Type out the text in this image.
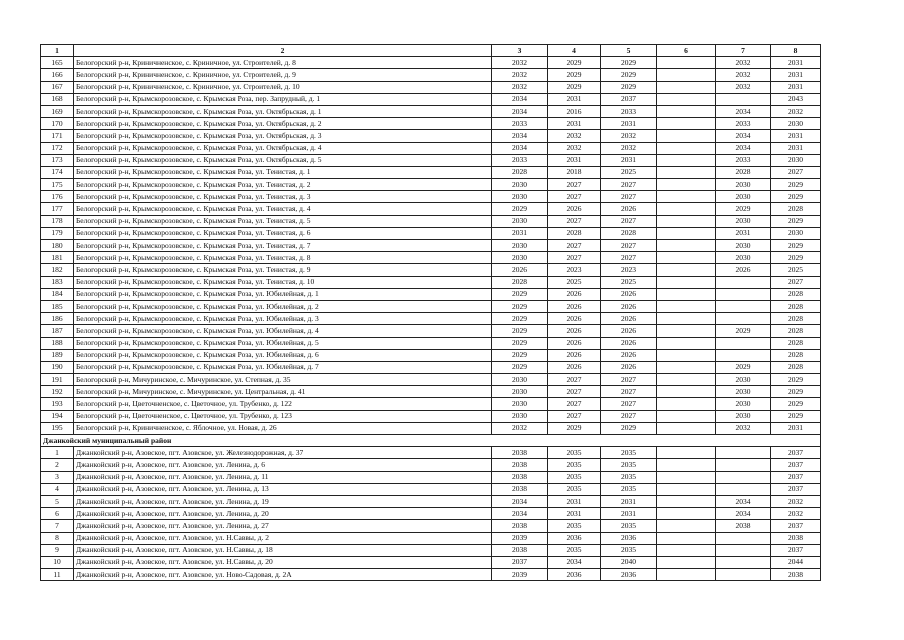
1	2	3	4	5	6	7	8
165	Белогорский р-н, Криничненское, с. Криничное, ул. Строителей, д. 8	2032	2029	2029		2032	2031
166	Белогорский р-н, Криничненское, с. Криничное, ул. Строителей, д. 9	2032	2029	2029		2032	2031
167	Белогорский р-н, Криничненское, с. Криничное, ул. Строителей, д. 10	2032	2029	2029		2032	2031
168	Белогорский р-н, Крымскорозовское, с. Крымская Роза, пер. Запрудный, д. 1	2034	2031	2037			2043
169	Белогорский р-н, Крымскорозовское, с. Крымская Роза, ул. Октябрьская, д. 1	2034	2016	2033		2034	2032
170	Белогорский р-н, Крымскорозовское, с. Крымская Роза, ул. Октябрьская, д. 2	2033	2031	2031		2033	2030
171	Белогорский р-н, Крымскорозовское, с. Крымская Роза, ул. Октябрьская, д. 3	2034	2032	2032		2034	2031
172	Белогорский р-н, Крымскорозовское, с. Крымская Роза, ул. Октябрьская, д. 4	2034	2032	2032		2034	2031
173	Белогорский р-н, Крымскорозовское, с. Крымская Роза, ул. Октябрьская, д. 5	2033	2031	2031		2033	2030
174	Белогорский р-н, Крымскорозовское, с. Крымская Роза, ул. Тенистая, д. 1	2028	2018	2025		2028	2027
175	Белогорский р-н, Крымскорозовское, с. Крымская Роза, ул. Тенистая, д. 2	2030	2027	2027		2030	2029
176	Белогорский р-н, Крымскорозовское, с. Крымская Роза, ул. Тенистая, д. 3	2030	2027	2027		2030	2029
177	Белогорский р-н, Крымскорозовское, с. Крымская Роза, ул. Тенистая, д. 4	2029	2026	2026		2029	2028
178	Белогорский р-н, Крымскорозовское, с. Крымская Роза, ул. Тенистая, д. 5	2030	2027	2027		2030	2029
179	Белогорский р-н, Крымскорозовское, с. Крымская Роза, ул. Тенистая, д. 6	2031	2028	2028		2031	2030
180	Белогорский р-н, Крымскорозовское, с. Крымская Роза, ул. Тенистая, д. 7	2030	2027	2027		2030	2029
181	Белогорский р-н, Крымскорозовское, с. Крымская Роза, ул. Тенистая, д. 8	2030	2027	2027		2030	2029
182	Белогорский р-н, Крымскорозовское, с. Крымская Роза, ул. Тенистая, д. 9	2026	2023	2023		2026	2025
183	Белогорский р-н, Крымскорозовское, с. Крымская Роза, ул. Тенистая, д. 10	2028	2025	2025			2027
184	Белогорский р-н, Крымскорозовское, с. Крымская Роза, ул. Юбилейная, д. 1	2029	2026	2026			2028
185	Белогорский р-н, Крымскорозовское, с. Крымская Роза, ул. Юбилейная, д. 2	2029	2026	2026			2028
186	Белогорский р-н, Крымскорозовское, с. Крымская Роза, ул. Юбилейная, д. 3	2029	2026	2026			2028
187	Белогорский р-н, Крымскорозовское, с. Крымская Роза, ул. Юбилейная, д. 4	2029	2026	2026		2029	2028
188	Белогорский р-н, Крымскорозовское, с. Крымская Роза, ул. Юбилейная, д. 5	2029	2026	2026			2028
189	Белогорский р-н, Крымскорозовское, с. Крымская Роза, ул. Юбилейная, д. 6	2029	2026	2026			2028
190	Белогорский р-н, Крымскорозовское, с. Крымская Роза, ул. Юбилейная, д. 7	2029	2026	2026		2029	2028
191	Белогорский р-н, Мичуринское, с. Мичуринское, ул. Степная, д. 35	2030	2027	2027		2030	2029
192	Белогорский р-н, Мичуринское, с. Мичуринское, ул. Центральная, д. 41	2030	2027	2027		2030	2029
193	Белогорский р-н, Цветочненское, с. Цветочное, ул. Трубенко, д. 122	2030	2027	2027		2030	2029
194	Белогорский р-н, Цветочненское, с. Цветочное, ул. Трубенко, д. 123	2030	2027	2027		2030	2029
195	Белогорский р-н, Криничненское, с. Яблочное, ул. Новая, д. 26	2032	2029	2029		2032	2031
Джанкойский муниципальный район							
1	Джанкойский р-н, Азовское, пгт. Азовское, ул. Железнодорожная, д. 37	2038	2035	2035			2037
2	Джанкойский р-н, Азовское, пгт. Азовское, ул. Ленина, д. 6	2038	2035	2035			2037
3	Джанкойский р-н, Азовское, пгт. Азовское, ул. Ленина, д. 11	2038	2035	2035			2037
4	Джанкойский р-н, Азовское, пгт. Азовское, ул. Ленина, д. 13	2038	2035	2035			2037
5	Джанкойский р-н, Азовское, пгт. Азовское, ул. Ленина, д. 19	2034	2031	2031		2034	2032
6	Джанкойский р-н, Азовское, пгт. Азовское, ул. Ленина, д. 20	2034	2031	2031		2034	2032
7	Джанкойский р-н, Азовское, пгт. Азовское, ул. Ленина, д. 27	2038	2035	2035		2038	2037
8	Джанкойский р-н, Азовское, пгт. Азовское, ул. Н.Саввы, д. 2	2039	2036	2036			2038
9	Джанкойский р-н, Азовское, пгт. Азовское, ул. Н.Саввы, д. 18	2038	2035	2035			2037
10	Джанкойский р-н, Азовское, пгт. Азовское, ул. Н.Саввы, д. 20	2037	2034	2040			2044
11	Джанкойский р-н, Азовское, пгт. Азовское, ул. Ново-Садовая, д. 2А	2039	2036	2036			2038
